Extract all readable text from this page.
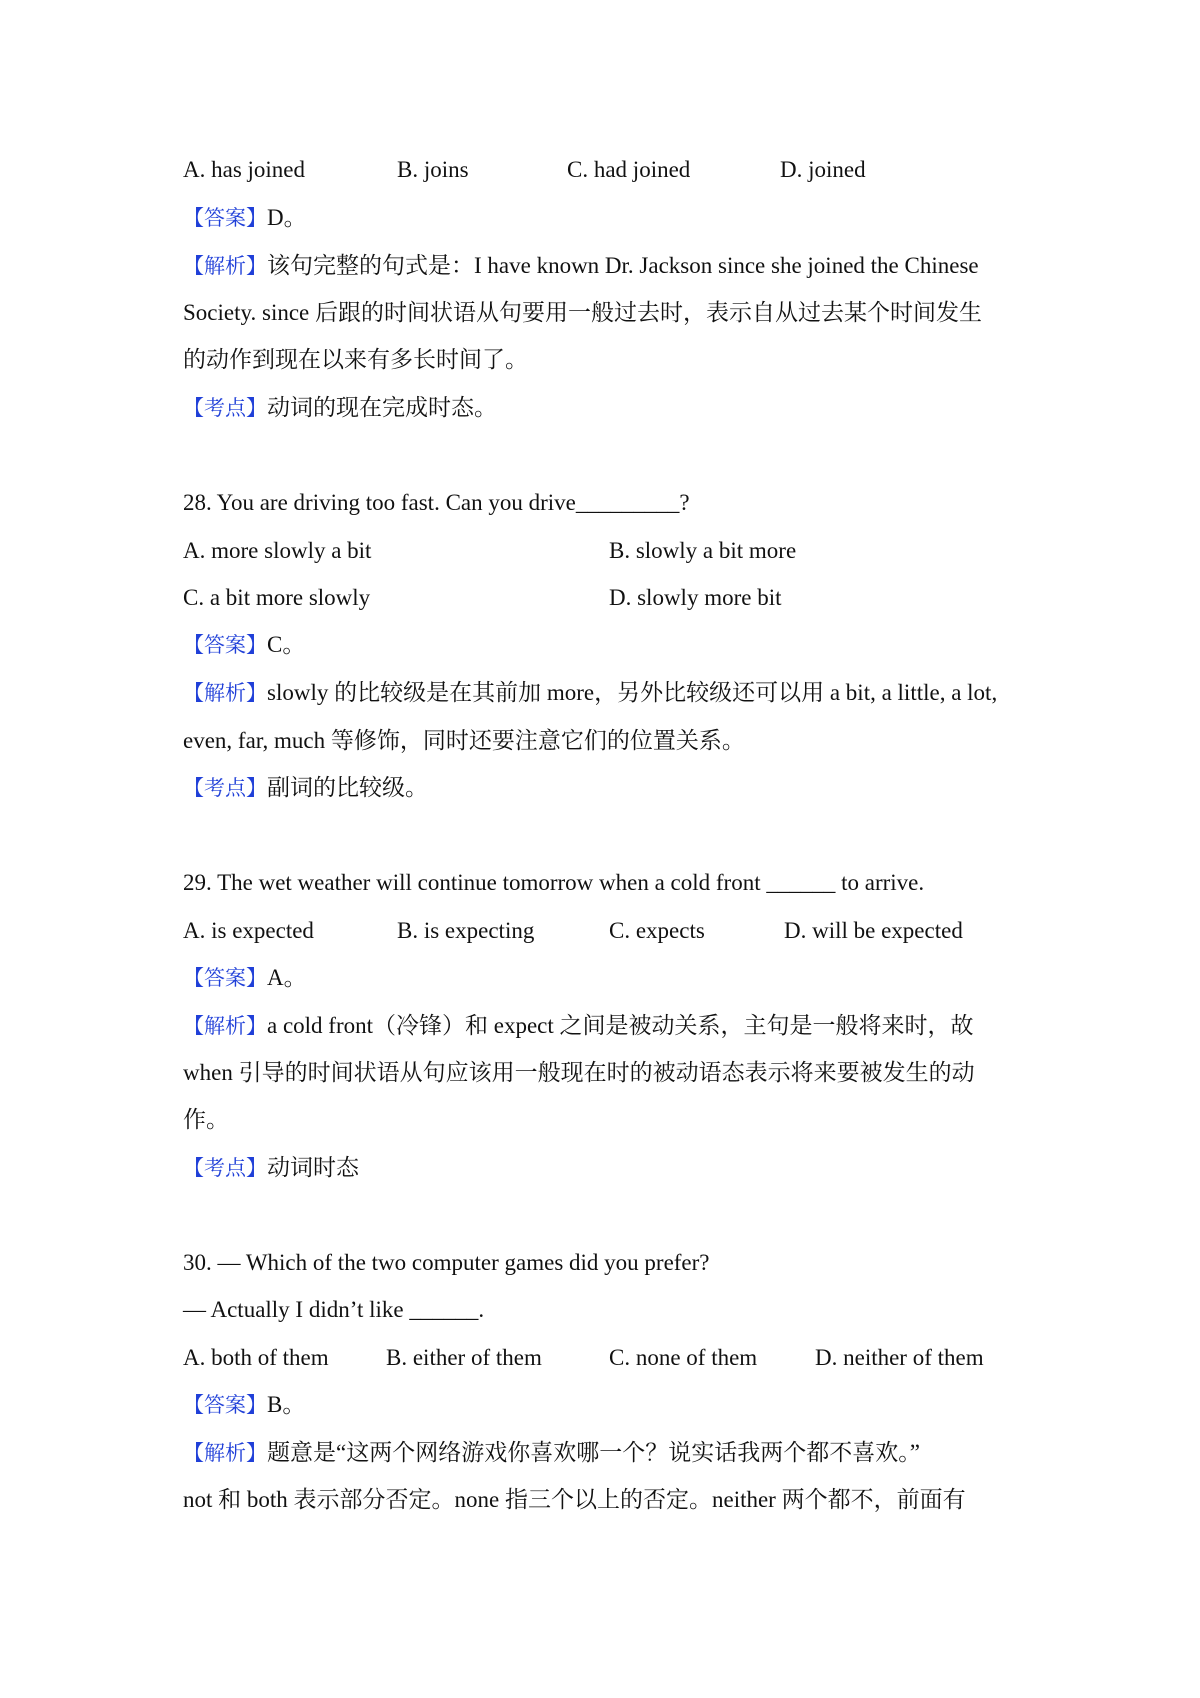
A. has joined	B. joins	C. had joined	D. joined
【答案】D。
【解析】该句完整的句式是：I have known Dr. Jackson since she joined the Chinese
Society. since 后跟的时间状语从句要用一般过去时，表示自从过去某个时间发生
的动作到现在以来有多长时间了。
【考点】动词的现在完成时态。
28. You are driving too fast. Can you drive_________?
A. more slowly a bit	B. slowly a bit more
C. a bit more slowly	D. slowly more bit
【答案】C。
【解析】slowly 的比较级是在其前加 more，另外比较级还可以用 a bit, a little, a lot,
even, far, much 等修饰，同时还要注意它们的位置关系。
【考点】副词的比较级。
29. The wet weather will continue tomorrow when a cold front ______ to arrive.
A. is expected	B. is expecting	C. expects	D. will be expected
【答案】A。
【解析】a cold front（冷锋）和 expect 之间是被动关系，主句是一般将来时，故
when 引导的时间状语从句应该用一般现在时的被动语态表示将来要被发生的动
作。
【考点】动词时态
30. — Which of the two computer games did you prefer?
— Actually I didn’t like ______.
A. both of them B. either of them	C. none of them	D. neither of them
【答案】B。
【解析】题意是“这两个网络游戏你喜欢哪一个？说实话我两个都不喜欢。”
not 和 both 表示部分否定。none 指三个以上的否定。neither 两个都不，前面有
